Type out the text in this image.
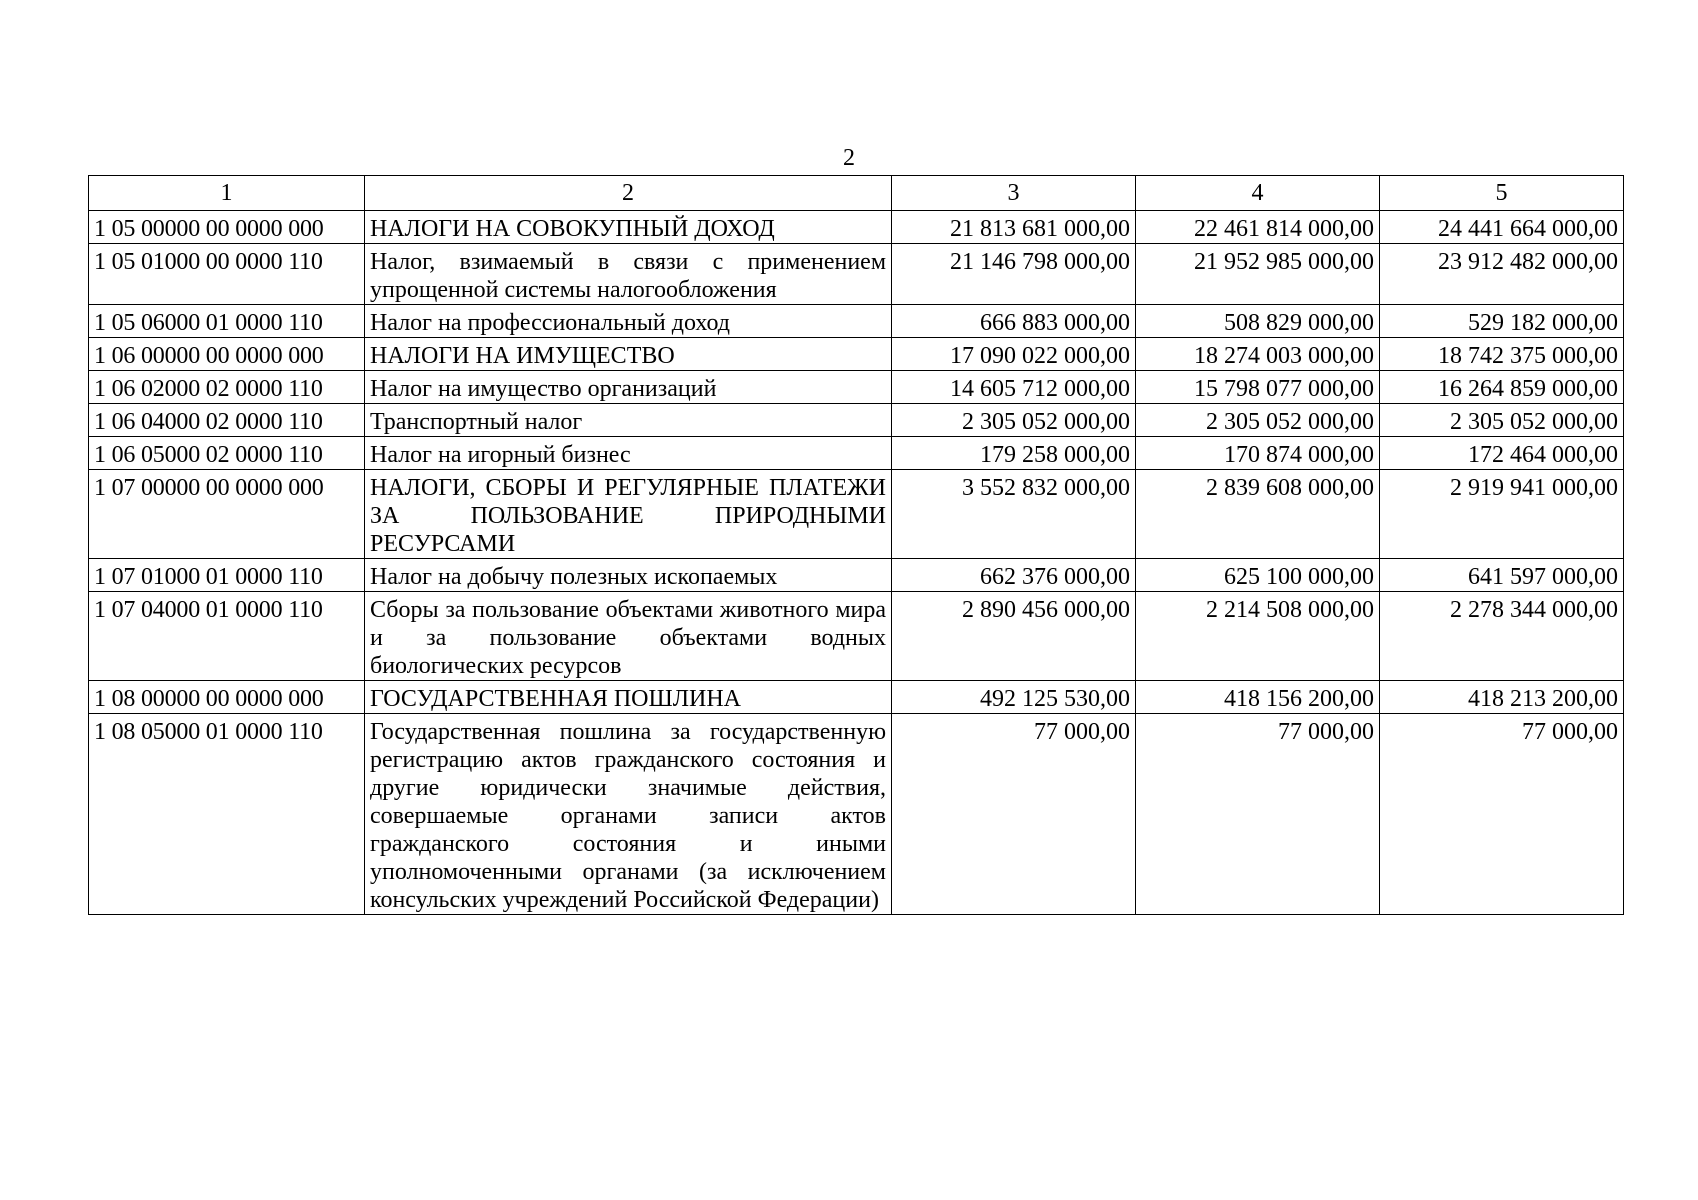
2
1	2	3	4	5
1 05 00000 00 0000 000	НАЛОГИ НА СОВОКУПНЫЙ ДОХОД	21 813 681 000,00	22 461 814 000,00	24 441 664 000,00
1 05 01000 00 0000 110	Налог, взимаемый в связи с применением упрощенной системы налогообложения	21 146 798 000,00	21 952 985 000,00	23 912 482 000,00
1 05 06000 01 0000 110	Налог на профессиональный доход	666 883 000,00	508 829 000,00	529 182 000,00
1 06 00000 00 0000 000	НАЛОГИ НА ИМУЩЕСТВО	17 090 022 000,00	18 274 003 000,00	18 742 375 000,00
1 06 02000 02 0000 110	Налог на имущество организаций	14 605 712 000,00	15 798 077 000,00	16 264 859 000,00
1 06 04000 02 0000 110	Транспортный налог	2 305 052 000,00	2 305 052 000,00	2 305 052 000,00
1 06 05000 02 0000 110	Налог на игорный бизнес	179 258 000,00	170 874 000,00	172 464 000,00
1 07 00000 00 0000 000	НАЛОГИ, СБОРЫ И РЕГУЛЯРНЫЕ ПЛАТЕЖИ ЗА ПОЛЬЗОВАНИЕ ПРИРОДНЫМИ РЕСУРСАМИ	3 552 832 000,00	2 839 608 000,00	2 919 941 000,00
1 07 01000 01 0000 110	Налог на добычу полезных ископаемых	662 376 000,00	625 100 000,00	641 597 000,00
1 07 04000 01 0000 110	Сборы за пользование объектами животного мира и за пользование объектами водных биологических ресурсов	2 890 456 000,00	2 214 508 000,00	2 278 344 000,00
1 08 00000 00 0000 000	ГОСУДАРСТВЕННАЯ ПОШЛИНА	492 125 530,00	418 156 200,00	418 213 200,00
1 08 05000 01 0000 110	Государственная пошлина за государственную регистрацию актов гражданского состояния и другие юридически значимые действия, совершаемые органами записи актов гражданского состояния и иными уполномоченными органами (за исключением консульских учреждений Российской Федерации)	77 000,00	77 000,00	77 000,00
